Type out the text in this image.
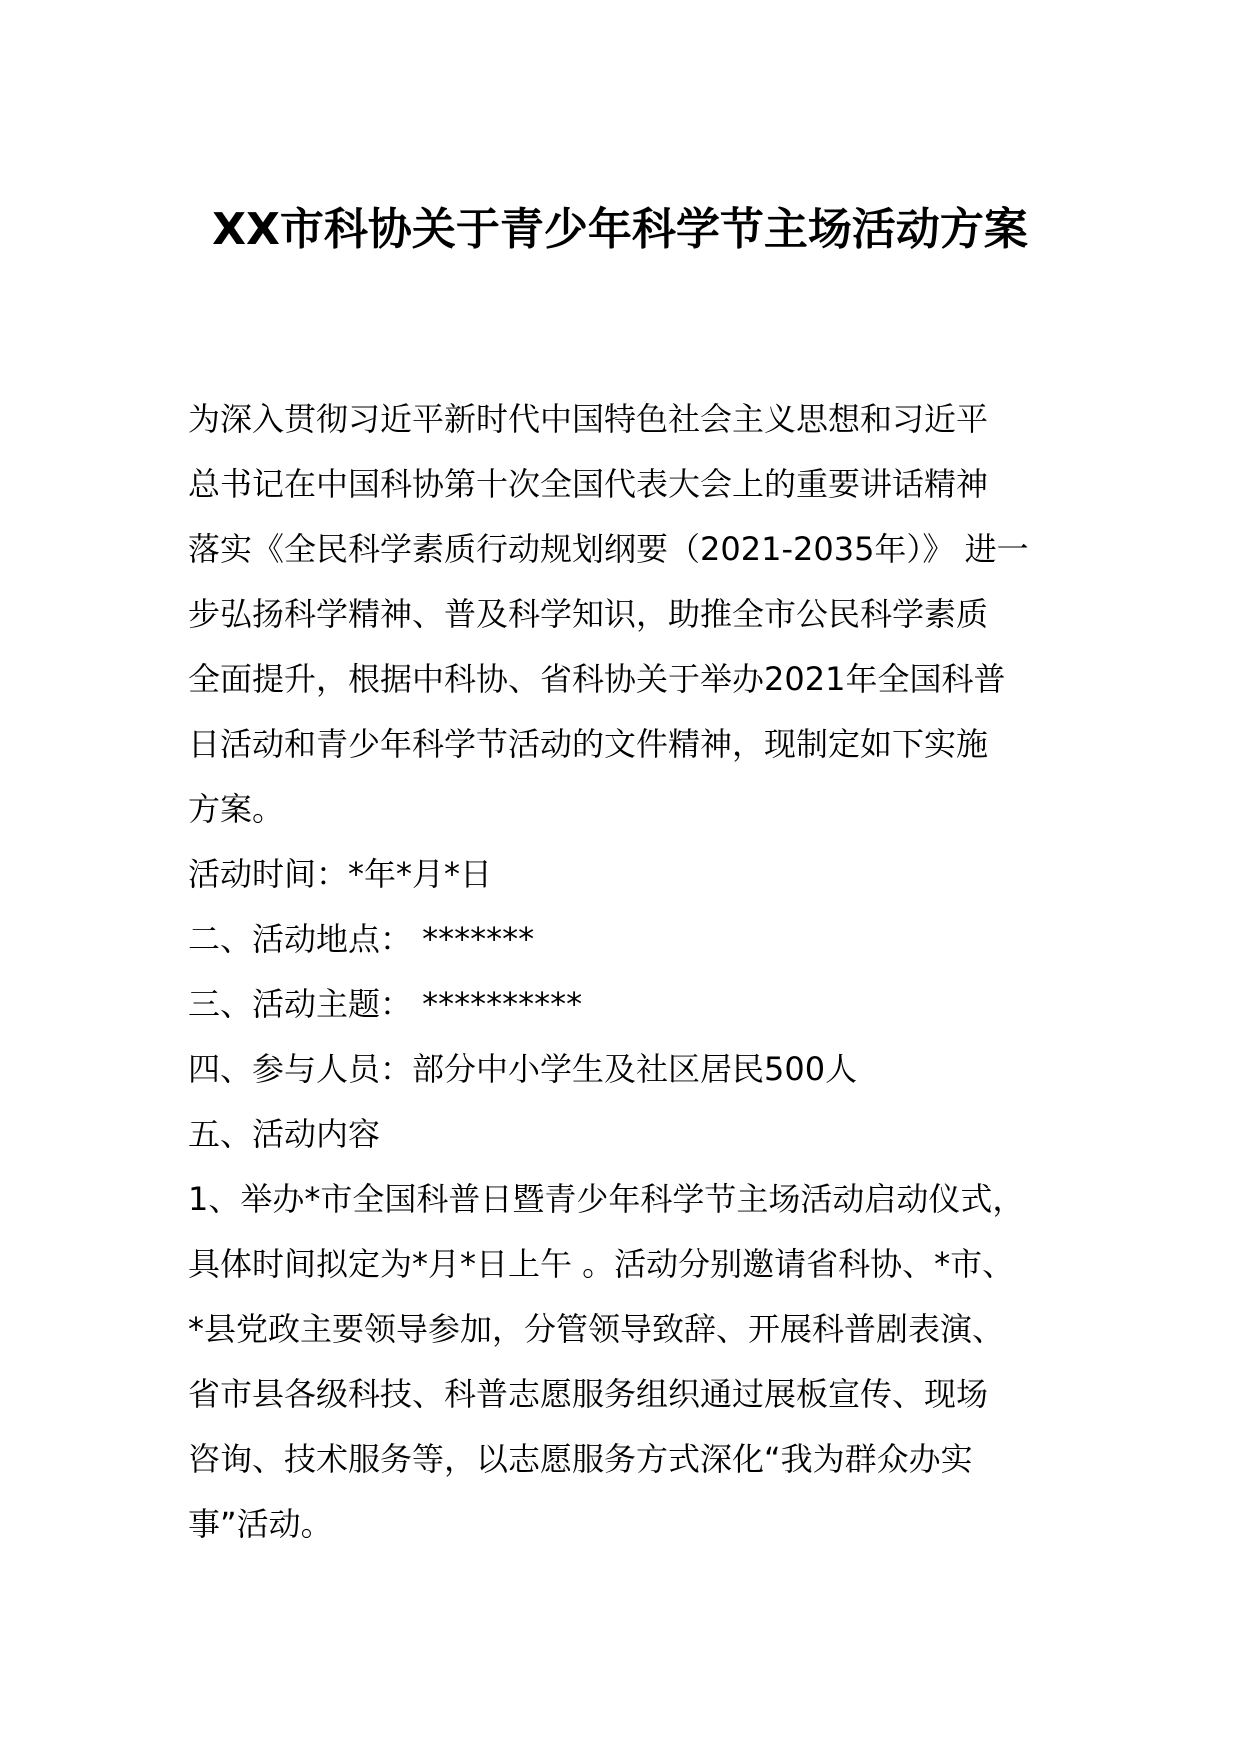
XX市科协关于青少年科学节主场活动方案
为深入贯彻习近平新时代中国特色社会主义思想和习近平
总书记在中国科协第十次全国代表大会上的重要讲话精神
落实《全民科学素质行动规划纲要（2021-2035年）》 进一
步弘扬科学精神、普及科学知识，助推全市公民科学素质
全面提升，根据中科协、省科协关于举办2021年全国科普
日活动和青少年科学节活动的文件精神，现制定如下实施
方案。
活动时间：*年*月*日
二、活动地点： *******
三、活动主题： **********
四、参与人员：部分中小学生及社区居民500人
五、活动内容
1、举办*市全国科普日暨青少年科学节主场活动启动仪式，
具体时间拟定为*月*日上午 。活动分别邀请省科协、*市、
*县党政主要领导参加，分管领导致辞、开展科普剧表演、
省市县各级科技、科普志愿服务组织通过展板宣传、现场
咨询、技术服务等，以志愿服务方式深化“我为群众办实
事”活动。
